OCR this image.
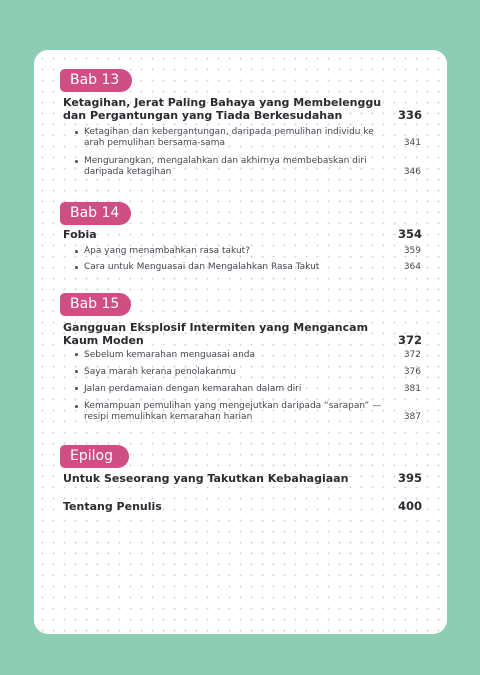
Bab 13
Ketagihan, Jerat Paling Bahaya yang Membelenggu dan Pergantungan yang Tiada Berkesudahan	336
Ketagihan dan kebergantungan, daripada pemulihan individu ke arah pemulihan bersama-sama	341
Mengurangkan, mengalahkan dan akhirnya membebaskan diri daripada ketagihan	346
Bab 14
Fobia	354
Apa yang menambahkan rasa takut?	359
Cara untuk Menguasai dan Mengalahkan Rasa Takut	364
Bab 15
Gangguan Eksplosif Intermiten yang Mengancam Kaum Moden	372
Sebelum kemarahan menguasai anda	372
Saya marah kerana penolakanmu	376
Jalan perdamaian dengan kemarahan dalam diri	381
Kemampuan pemulihan yang mengejutkan daripada “sarapan” — resipi memulihkan kemarahan harian	387
Epilog
Untuk Seseorang yang Takutkan Kebahagiaan	395
Tentang Penulis	400
